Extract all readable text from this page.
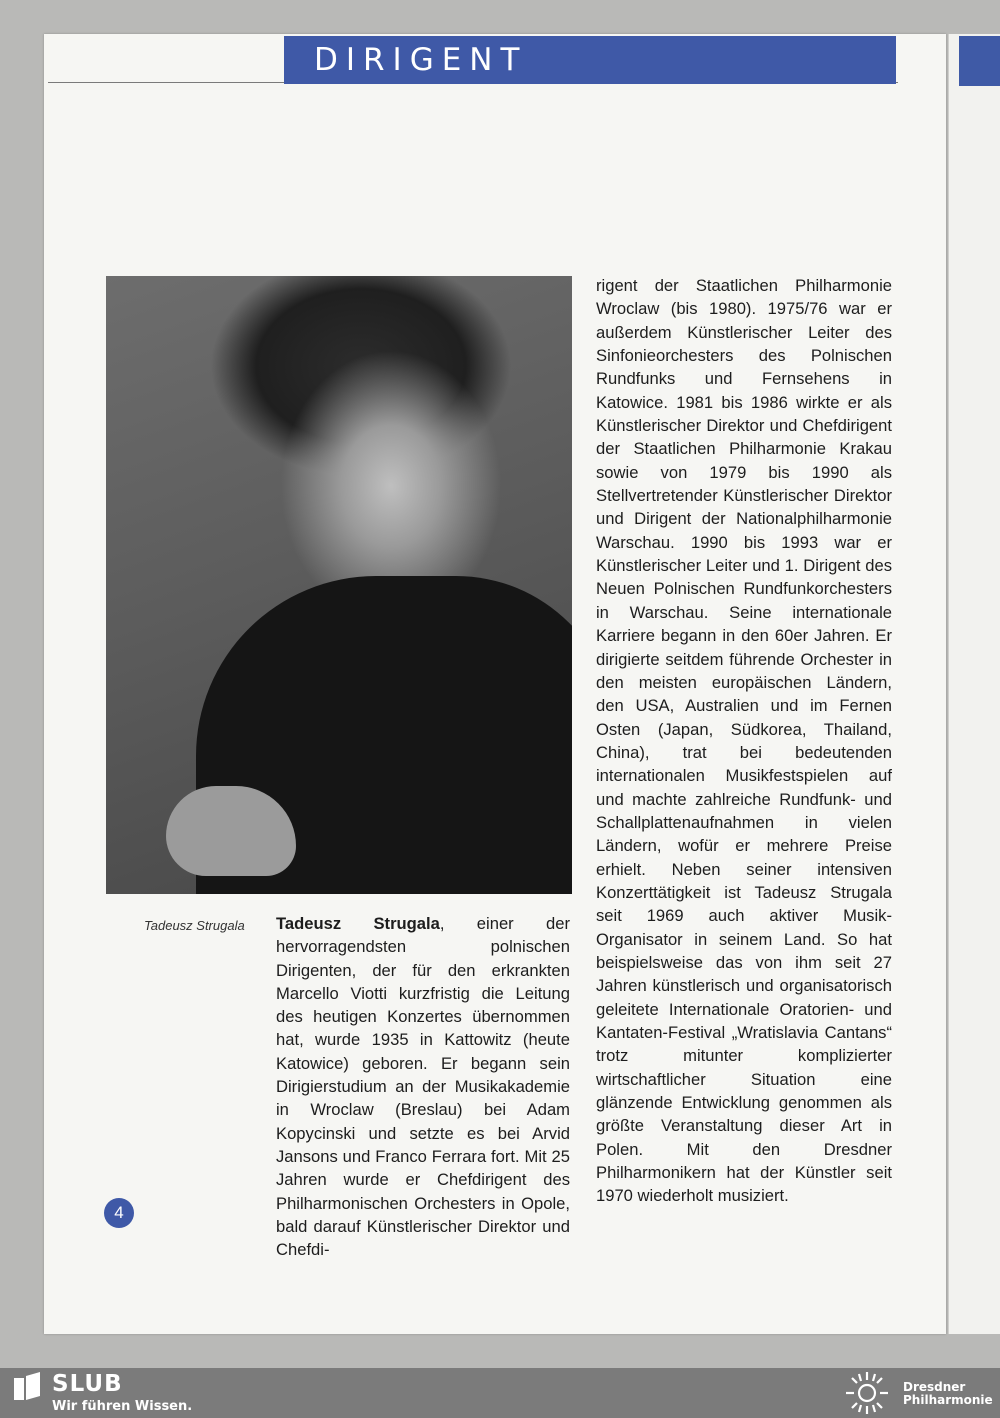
DIRIGENT
Tadeusz Strugala	Tadeusz Strugala, einer der hervorragendsten polnischen Dirigenten, der für den erkrankten Marcello Viotti kurzfristig die Leitung des heutigen Konzertes übernommen hat, wurde 1935 in Kattowitz (heute Katowice) geboren. Er begann sein Dirigierstudium an der Musikakademie in Wroclaw (Breslau) bei Adam Kopycinski und setzte es bei Arvid Jansons und Franco Ferrara fort. Mit 25 Jahren wurde er Chefdirigent des Philharmonischen Orchesters in Opole, bald darauf Künstlerischer Direktor und Chefdi-
rigent der Staatlichen Philharmonie Wroclaw (bis 1980). 1975/76 war er außerdem Künstlerischer Leiter des Sinfonieorchesters des Polnischen Rundfunks und Fernsehens in Katowice. 1981 bis 1986 wirkte er als Künstlerischer Direktor und Chefdirigent der Staatlichen Philharmonie Krakau sowie von 1979 bis 1990 als Stellvertretender Künstlerischer Direktor und Dirigent der Nationalphilharmonie Warschau. 1990 bis 1993 war er Künstlerischer Leiter und 1. Dirigent des Neuen Polnischen Rundfunkorchesters in Warschau. Seine internationale Karriere begann in den 60er Jahren. Er dirigierte seitdem führende Orchester in den meisten europäischen Ländern, den USA, Australien und im Fernen Osten (Japan, Südkorea, Thailand, China), trat bei bedeutenden internationalen Musikfestspielen auf und machte zahlreiche Rundfunk- und Schallplattenaufnahmen in vielen Ländern, wofür er mehrere Preise erhielt. Neben seiner intensiven Konzerttätigkeit ist Tadeusz Strugala seit 1969 auch aktiver Musik-Organisator in seinem Land. So hat beispielsweise das von ihm seit 27 Jahren künstlerisch und organisatorisch geleitete Internationale Oratorien- und Kantaten-Festival „Wratislavia Cantans“ trotz mitunter komplizierter wirtschaftlicher Situation eine glänzende Entwicklung genommen als größte Veranstaltung dieser Art in Polen. Mit den Dresdner Philharmonikern hat der Künstler seit 1970 wiederholt musiziert.
4
SLUB
Wir führen Wissen.
Dresdner
Philharmonie
